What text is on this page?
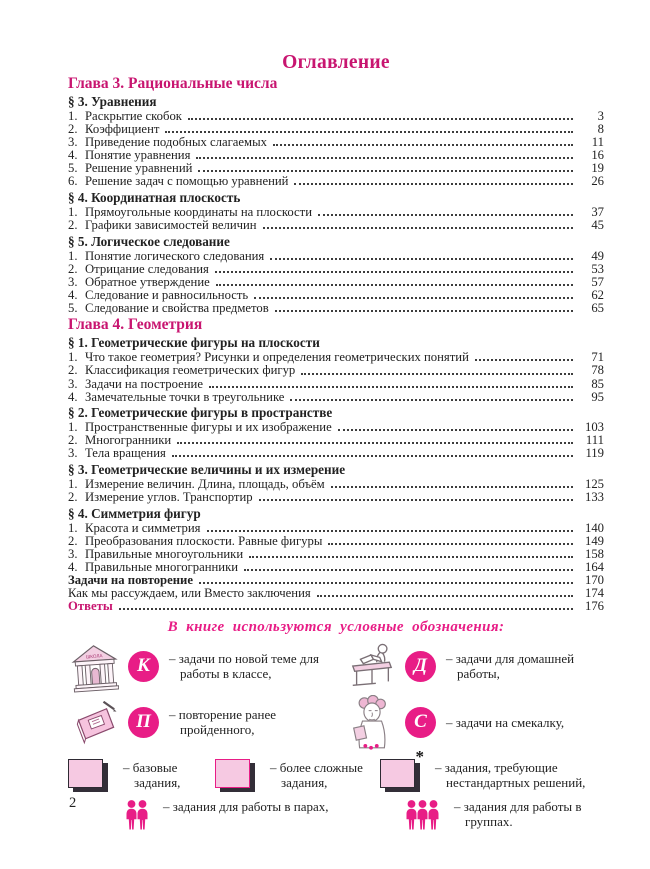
Оглавление
Глава 3. Рациональные числа
§ 3. Уравнения
1. Раскрытие скобок	3
2. Коэффициент	8
3. Приведение подобных слагаемых	11
4. Понятие уравнения	16
5. Решение уравнений	19
6. Решение задач с помощью уравнений	26
§ 4. Координатная плоскость
1. Прямоугольные координаты на плоскости	37
2. Графики зависимостей величин	45
§ 5. Логическое следование
1. Понятие логического следования	49
2. Отрицание следования	53
3. Обратное утверждение	57
4. Следование и равносильность	62
5. Следование и свойства предметов	65
Глава 4. Геометрия
§ 1. Геометрические фигуры на плоскости
1. Что такое геометрия? Рисунки и определения геометрических понятий	71
2. Классификация геометрических фигур	78
3. Задачи на построение	85
4. Замечательные точки в треугольнике	95
§ 2. Геометрические фигуры в пространстве
1. Пространственные фигуры и их изображение	103
2. Многогранники	111
3. Тела вращения	119
§ 3. Геометрические величины и их измерение
1. Измерение величин. Длина, площадь, объём	125
2. Измерение углов. Транспортир	133
§ 4. Симметрия фигур
1. Красота и симметрия	140
2. Преобразования плоскости. Равные фигуры	149
3. Правильные многоугольники	158
4. Правильные многогранники	164
Задачи на повторение	170
Как мы рассуждаем, или Вместо заключения	174
Ответы	176
В книге используются условные обозначения:
ШКОЛА	К	– задачи по новой теме для работы в классе,	Д	– задачи для домашней работы,
П	– повторение ранее пройденного,	С	– задачи на смекалку,
– базовые задания,
– более сложные задания,
*
– задания, требующие нестандартных решений,
– задания для работы в парах,	– задания для работы в группах.
2
